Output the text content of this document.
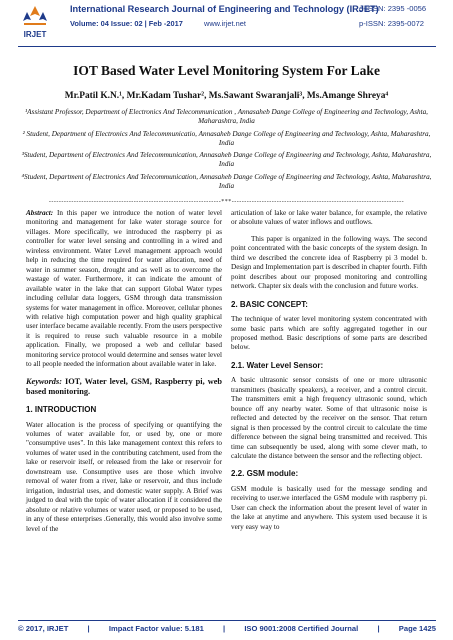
IRJET
International Research Journal of Engineering and Technology (IRJET)
e-ISSN: 2395 -0056
Volume: 04 Issue: 02 | Feb -2017	www.irjet.net	p-ISSN: 2395-0072
IOT Based Water Level Monitoring System For Lake
Mr.Patil K.N.¹, Mr.Kadam Tushar², Ms.Sawant Swaranjali³, Ms.Amange Shreya⁴

¹Assistant Professor, Department of Electronics And Telecommunication , Annasaheb Dange College of Engineering and Technology, Ashta, Maharashtra, India

² Student, Department of Electronics And Telecommunicatio, Annasaheb Dange College of Engineering and Technology, Ashta, Maharashtra, India

³Student, Department of Electronics And Telecommunication, Annasaheb Dange College of Engineering and Technology, Ashta, Maharashtra, India

⁴Student, Department of Electronics And Telecommunication, Annasaheb Dange College of Engineering and Technology, Ashta, Maharashtra, India

---------------------------------------------------------------------***---------------------------------------------------------------------

Abstract: In this paper we introduce the notion of water level monitoring and management for lake water storage source for villages. More specifically, we introduced the raspberry pi as controller for water level sensing and controlling in a wired and wireless environment. Water Level management approach would help in reducing the time required for water allocation, need of water in summer season, drought and as well as to overcome the wastage of water. Furthermore, it can indicate the amount of available water in the lake that can support Global Water types including cellular data loggers, GSM through data transmission systems for water management in office. Moreover, cellular phones with relative high computation power and high quality graphical user interface became available recently. From the users perspective it is required to reuse such valuable resource in a mobile application. Finally, we proposed a web and cellular based monitoring service protocol would determine and senses water level to all people needed the information about available water in lake.

Keywords: IOT, Water level, GSM, Raspberry pi, web based monitoring.

1. INTRODUCTION

Water allocation is the process of specifying or quantifying the volumes of water available for, or used by, one or more "consumptive uses". In this lake management context this refers to volumes of water used in the contributing catchment, used from the lake or reservoir itself, or released from the lake or reservoir for downstream use. Consumptive uses are those which involve removal of water from a river, lake or reservoir, and thus include irrigation, industrial uses, and domestic water supply. A Brief was judged to deal with the topic of water allocation if it considered the absolute or relative volumes or water used, or proposed to be used, in any of these enterprises .Generally, this would also involve some level of the

articulation of lake or lake water balance, for example, the relative or absolute values of water inflows and outflows.

This paper is organized in the following ways. The second point concentrated with the basic concepts of the system design. In third we described the concrete idea of Raspberry pi 3 model b. Design and Implementation part is described in chapter fourth. Fifth point describes about our proposed monitoring and controlling network. Chapter six deals with the conclusion and future works.

2. BASIC CONCEPT:

The technique of water level monitoring system concentrated with some basic parts which are softly aggregated together in our proposed method. Basic descriptions of some parts are described below.

2.1. Water Level Sensor:

A basic ultrasonic sensor consists of one or more ultrasonic transmitters (basically speakers), a receiver, and a control circuit. The transmitters emit a high frequency ultrasonic sound, which bounce off any nearby water. Some of that ultrasonic noise is reflected and detected by the receiver on the sensor. That return signal is then processed by the control circuit to calculate the time difference between the signal being transmitted and received. This time can subsequently be used, along with some clever math, to calculate the distance between the sensor and the reflecting object.

2.2. GSM module:

GSM module is basically used for the message sending and receiving to user.we interfaced the GSM module with raspberry pi. User can check the information about the present level of water in the lake at anytime and anywhere. This system used because it is very easy way to

© 2017, IRJET	|	Impact Factor value: 5.181	|	ISO 9001:2008 Certified Journal	|	Page 1425
